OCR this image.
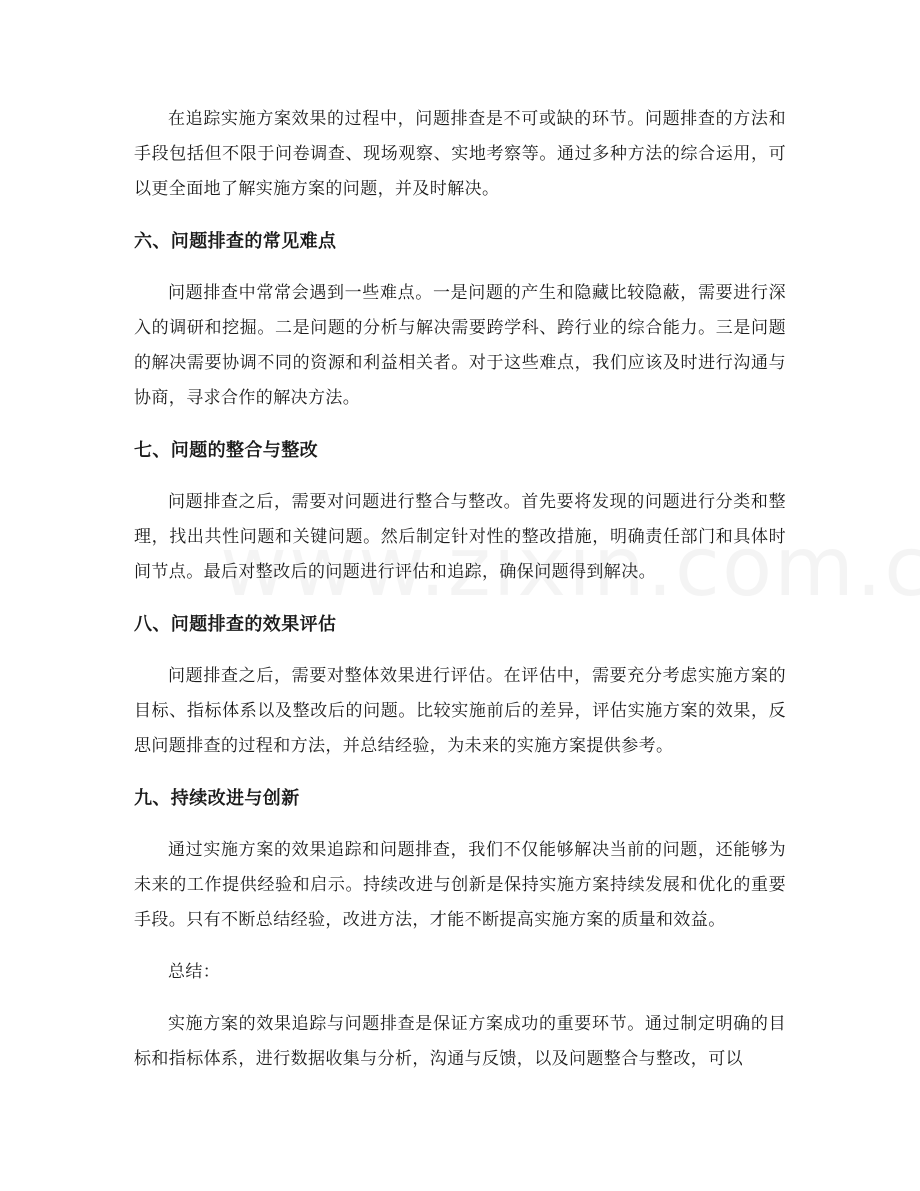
在追踪实施方案效果的过程中，问题排查是不可或缺的环节。问题排查的方法和手段包括但不限于问卷调查、现场观察、实地考察等。通过多种方法的综合运用，可以更全面地了解实施方案的问题，并及时解决。

六、问题排查的常见难点

问题排查中常常会遇到一些难点。一是问题的产生和隐藏比较隐蔽，需要进行深入的调研和挖掘。二是问题的分析与解决需要跨学科、跨行业的综合能力。三是问题的解决需要协调不同的资源和利益相关者。对于这些难点，我们应该及时进行沟通与协商，寻求合作的解决方法。

七、问题的整合与整改

问题排查之后，需要对问题进行整合与整改。首先要将发现的问题进行分类和整理，找出共性问题和关键问题。然后制定针对性的整改措施，明确责任部门和具体时间节点。最后对整改后的问题进行评估和追踪，确保问题得到解决。

八、问题排查的效果评估

问题排查之后，需要对整体效果进行评估。在评估中，需要充分考虑实施方案的目标、指标体系以及整改后的问题。比较实施前后的差异，评估实施方案的效果，反思问题排查的过程和方法，并总结经验，为未来的实施方案提供参考。

九、持续改进与创新

通过实施方案的效果追踪和问题排查，我们不仅能够解决当前的问题，还能够为未来的工作提供经验和启示。持续改进与创新是保持实施方案持续发展和优化的重要手段。只有不断总结经验，改进方法，才能不断提高实施方案的质量和效益。

总结：

实施方案的效果追踪与问题排查是保证方案成功的重要环节。通过制定明确的目标和指标体系，进行数据收集与分析，沟通与反馈，以及问题整合与整改，可以
